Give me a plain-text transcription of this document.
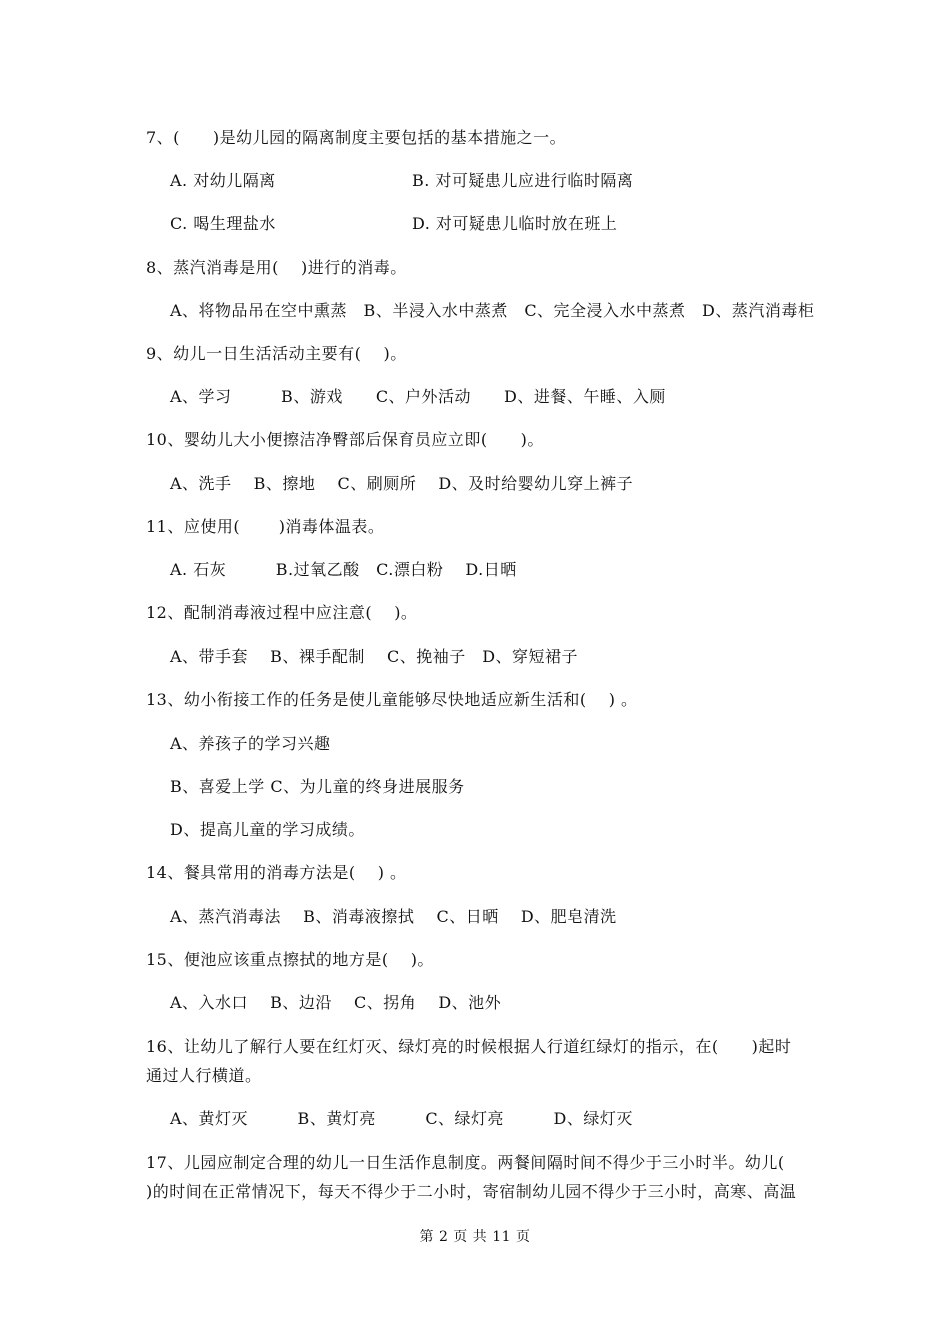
7、(　　)是幼儿园的隔离制度主要包括的基本措施之一。
A. 对幼儿隔离	B. 对可疑患儿应进行临时隔离
C. 喝生理盐水	D. 对可疑患儿临时放在班上
8、蒸汽消毒是用(　 )进行的消毒。
A、将物品吊在空中熏蒸　B、半浸入水中蒸煮　C、完全浸入水中蒸煮　D、蒸汽消毒柜
9、幼儿一日生活活动主要有(　 )。
A、学习　　　B、游戏　　C、户外活动　　D、进餐、午睡、入厕
10、婴幼儿大小便擦洁净臀部后保育员应立即(　　)。
A、洗手　 B、擦地　 C、刷厕所　 D、及时给婴幼儿穿上裤子
11、应使用(　　 )消毒体温表。
A. 石灰　　　B.过氧乙酸　C.漂白粉　 D.日晒
12、配制消毒液过程中应注意(　 )。
A、带手套　 B、裸手配制　 C、挽袖子　D、穿短裙子
13、幼小衔接工作的任务是使儿童能够尽快地适应新生活和(　 ) 。
A、养孩子的学习兴趣
B、喜爱上学 C、为儿童的终身进展服务
D、提高儿童的学习成绩。
14、餐具常用的消毒方法是(　 ) 。
A、蒸汽消毒法　 B、消毒液擦拭　 C、日晒　 D、肥皂清洗
15、便池应该重点擦拭的地方是(　 )。
A、入水口　 B、边沿　 C、拐角　 D、池外
16、让幼儿了解行人要在红灯灭、绿灯亮的时候根据人行道红绿灯的指示，在(　　)起时
通过人行横道。
A、黄灯灭　　　B、黄灯亮　　　C、绿灯亮　　　D、绿灯灭
17、儿园应制定合理的幼儿一日生活作息制度。两餐间隔时间不得少于三小时半。幼儿(
)的时间在正常情况下，每天不得少于二小时，寄宿制幼儿园不得少于三小时，高寒、高温
第 2 页 共 11 页
